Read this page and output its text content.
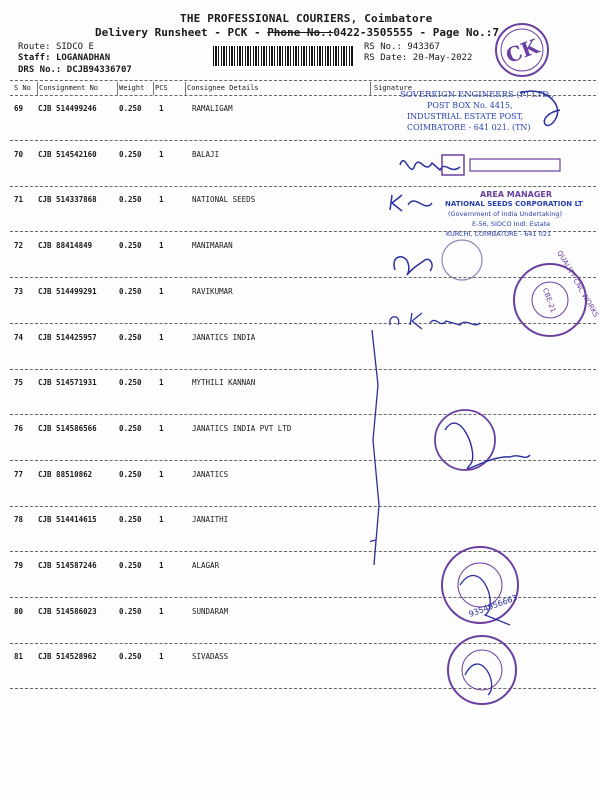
THE PROFESSIONAL COURIERS, Coimbatore
Delivery Runsheet - PCK - Phone No.:0422-3505555 - Page No.:7
Route: SIDCO E
Staff: LOGANADHAN
DRS No.: DCJB94336707
RS No.: 943367
RS Date: 20-May-2022 CK
S No Consignment No	Weight PCS	Consignee Details	Signature
69 CJB 514499246	0.250 1	RAMALIGAM
70 CJB 514542160	0.250 1	BALAJI
71 CJB 514337868	0.250 1	NATIONAL SEEDS
72 CJB 88414849	0.250 1	MANIMARAN
73 CJB 514499291	0.250 1	RAVIKUMAR
74 CJB 514425957	0.250 1	JANATICS INDIA
75 CJB 514571931	0.250 1	MYTHILI KANNAN
76 CJB 514586566	0.250 1	JANATICS INDIA PVT LTD
77 CJB 88510862	0.250 1	JANATICS
78 CJB 514414615	0.250 1	JANAITHI
79 CJB 514587246	0.250 1	ALAGAR
80 CJB 514586023	0.250 1	SUNDARAM
81 CJB 514528962	0.250 1	SIVADASS
SOVEREIGN ENGINEERS (P) LTD.,
POST BOX No. 4415,
INDUSTRIAL ESTATE POST,
COIMBATORE - 641 021. (TN)
AREA MANAGER
NATIONAL SEEDS CORPORATION LT
(Government of India Undertaking)
E-56, SIDCO Indl. Estate
KURCHI, COIMBATORE - 641 021
CBE-21
QUALITY CNC WORKS
9354956663
